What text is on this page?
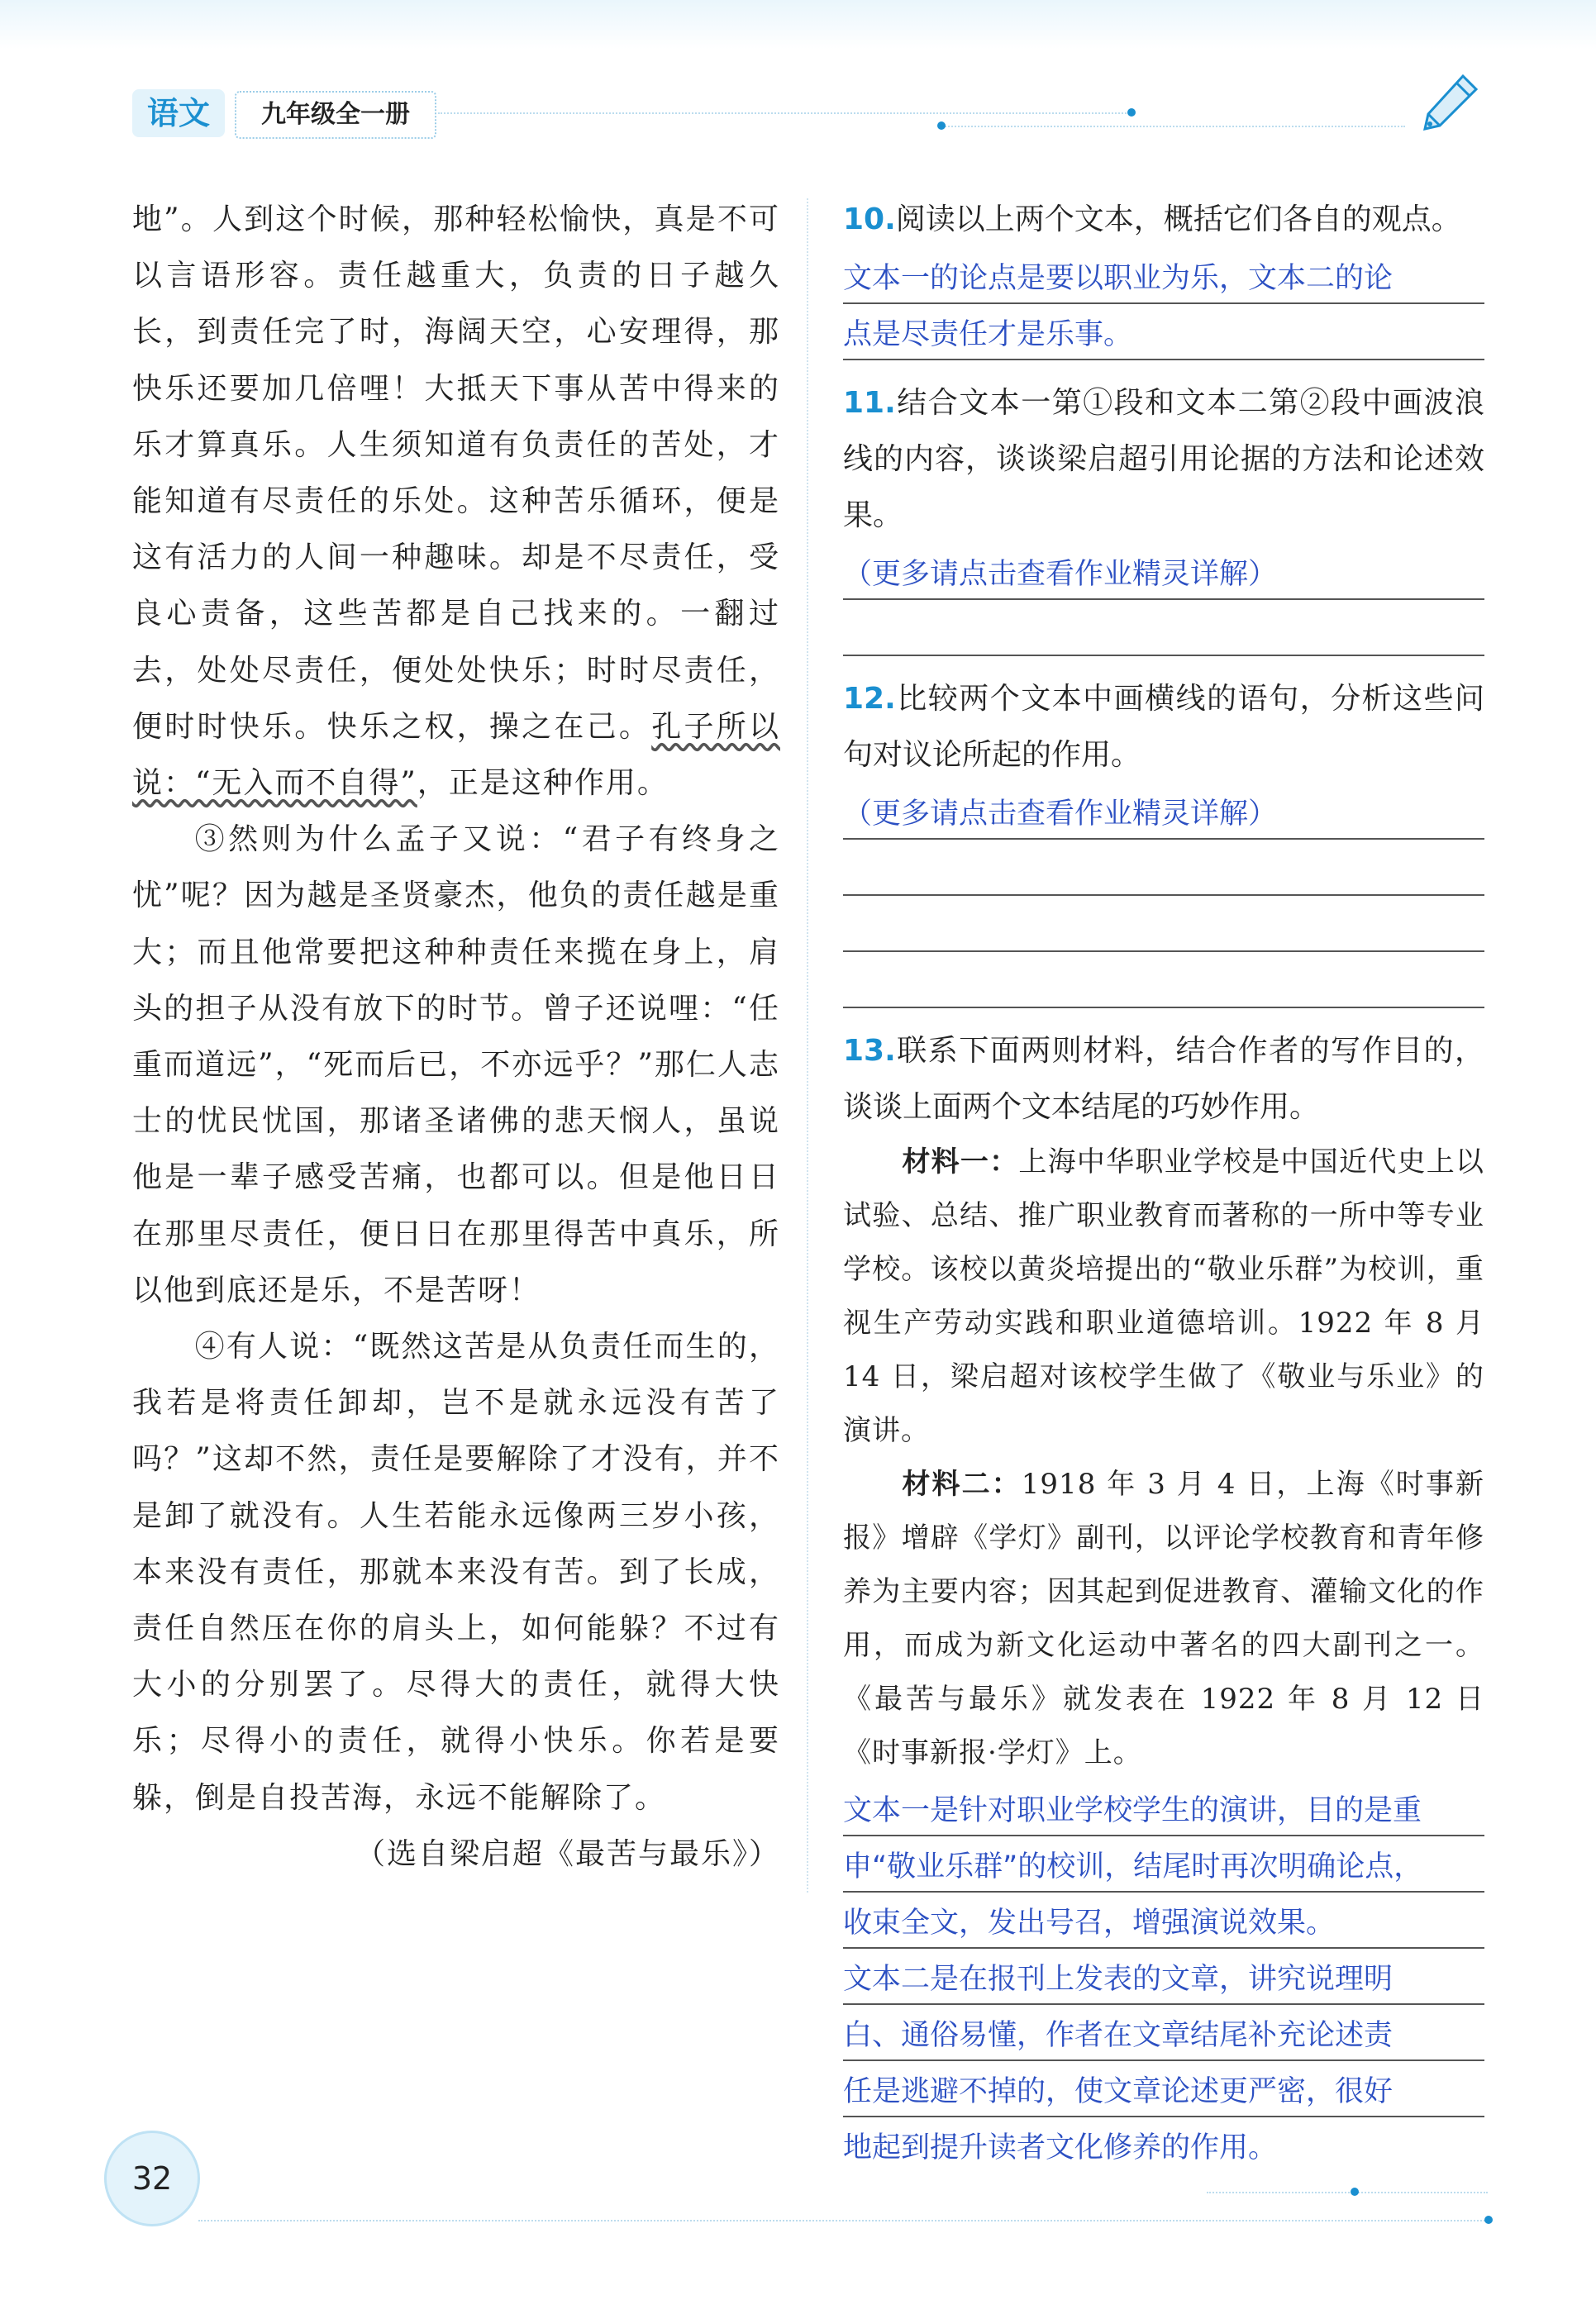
语文	九年级全一册

地”。人到这个时候，那种轻松愉快，真是不可以言语形容。责任越重大，负责的日子越久长，到责任完了时，海阔天空，心安理得，那快乐还要加几倍哩！大抵天下事从苦中得来的乐才算真乐。人生须知道有负责任的苦处，才能知道有尽责任的乐处。这种苦乐循环，便是这有活力的人间一种趣味。却是不尽责任，受良心责备，这些苦都是自己找来的。一翻过去，处处尽责任，便处处快乐；时时尽责任，便时时快乐。快乐之权，操之在己。孔子所以说：“无入而不自得”，正是这种作用。

③然则为什么孟子又说：“君子有终身之忧”呢？因为越是圣贤豪杰，他负的责任越是重大；而且他常要把这种种责任来揽在身上，肩头的担子从没有放下的时节。曾子还说哩：“任重而道远”，“死而后已，不亦远乎？”那仁人志士的忧民忧国，那诸圣诸佛的悲天悯人，虽说他是一辈子感受苦痛，也都可以。但是他日日在那里尽责任，便日日在那里得苦中真乐，所以他到底还是乐，不是苦呀！

④有人说：“既然这苦是从负责任而生的，我若是将责任卸却，岂不是就永远没有苦了吗？”这却不然，责任是要解除了才没有，并不是卸了就没有。人生若能永远像两三岁小孩，本来没有责任，那就本来没有苦。到了长成，责任自然压在你的肩头上，如何能躲？不过有大小的分别罢了。尽得大的责任，就得大快乐；尽得小的责任，就得小快乐。你若是要躲，倒是自投苦海，永远不能解除了。

（选自梁启超《最苦与最乐》）

10.阅读以上两个文本，概括它们各自的观点。

文本一的论点是要以职业为乐，文本二的论
点是尽责任才是乐事。

11.结合文本一第①段和文本二第②段中画波浪线的内容，谈谈梁启超引用论据的方法和论述效果。

（更多请点击查看作业精灵详解）

12.比较两个文本中画横线的语句，分析这些问句对议论所起的作用。

（更多请点击查看作业精灵详解）

13.联系下面两则材料，结合作者的写作目的，谈谈上面两个文本结尾的巧妙作用。

材料一：上海中华职业学校是中国近代史上以试验、总结、推广职业教育而著称的一所中等专业学校。该校以黄炎培提出的“敬业乐群”为校训，重视生产劳动实践和职业道德培训。1922 年 8 月 14 日，梁启超对该校学生做了《敬业与乐业》的演讲。

材料二：1918 年 3 月 4 日，上海《时事新报》增辟《学灯》副刊，以评论学校教育和青年修养为主要内容；因其起到促进教育、灌输文化的作用，而成为新文化运动中著名的四大副刊之一。《最苦与最乐》就发表在 1922 年 8 月 12 日《时事新报·学灯》上。

文本一是针对职业学校学生的演讲，目的是重
申“敬业乐群”的校训，结尾时再次明确论点，
收束全文，发出号召，增强演说效果。
文本二是在报刊上发表的文章，讲究说理明
白、通俗易懂，作者在文章结尾补充论述责
任是逃避不掉的，使文章论述更严密，很好
地起到提升读者文化修养的作用。
32
